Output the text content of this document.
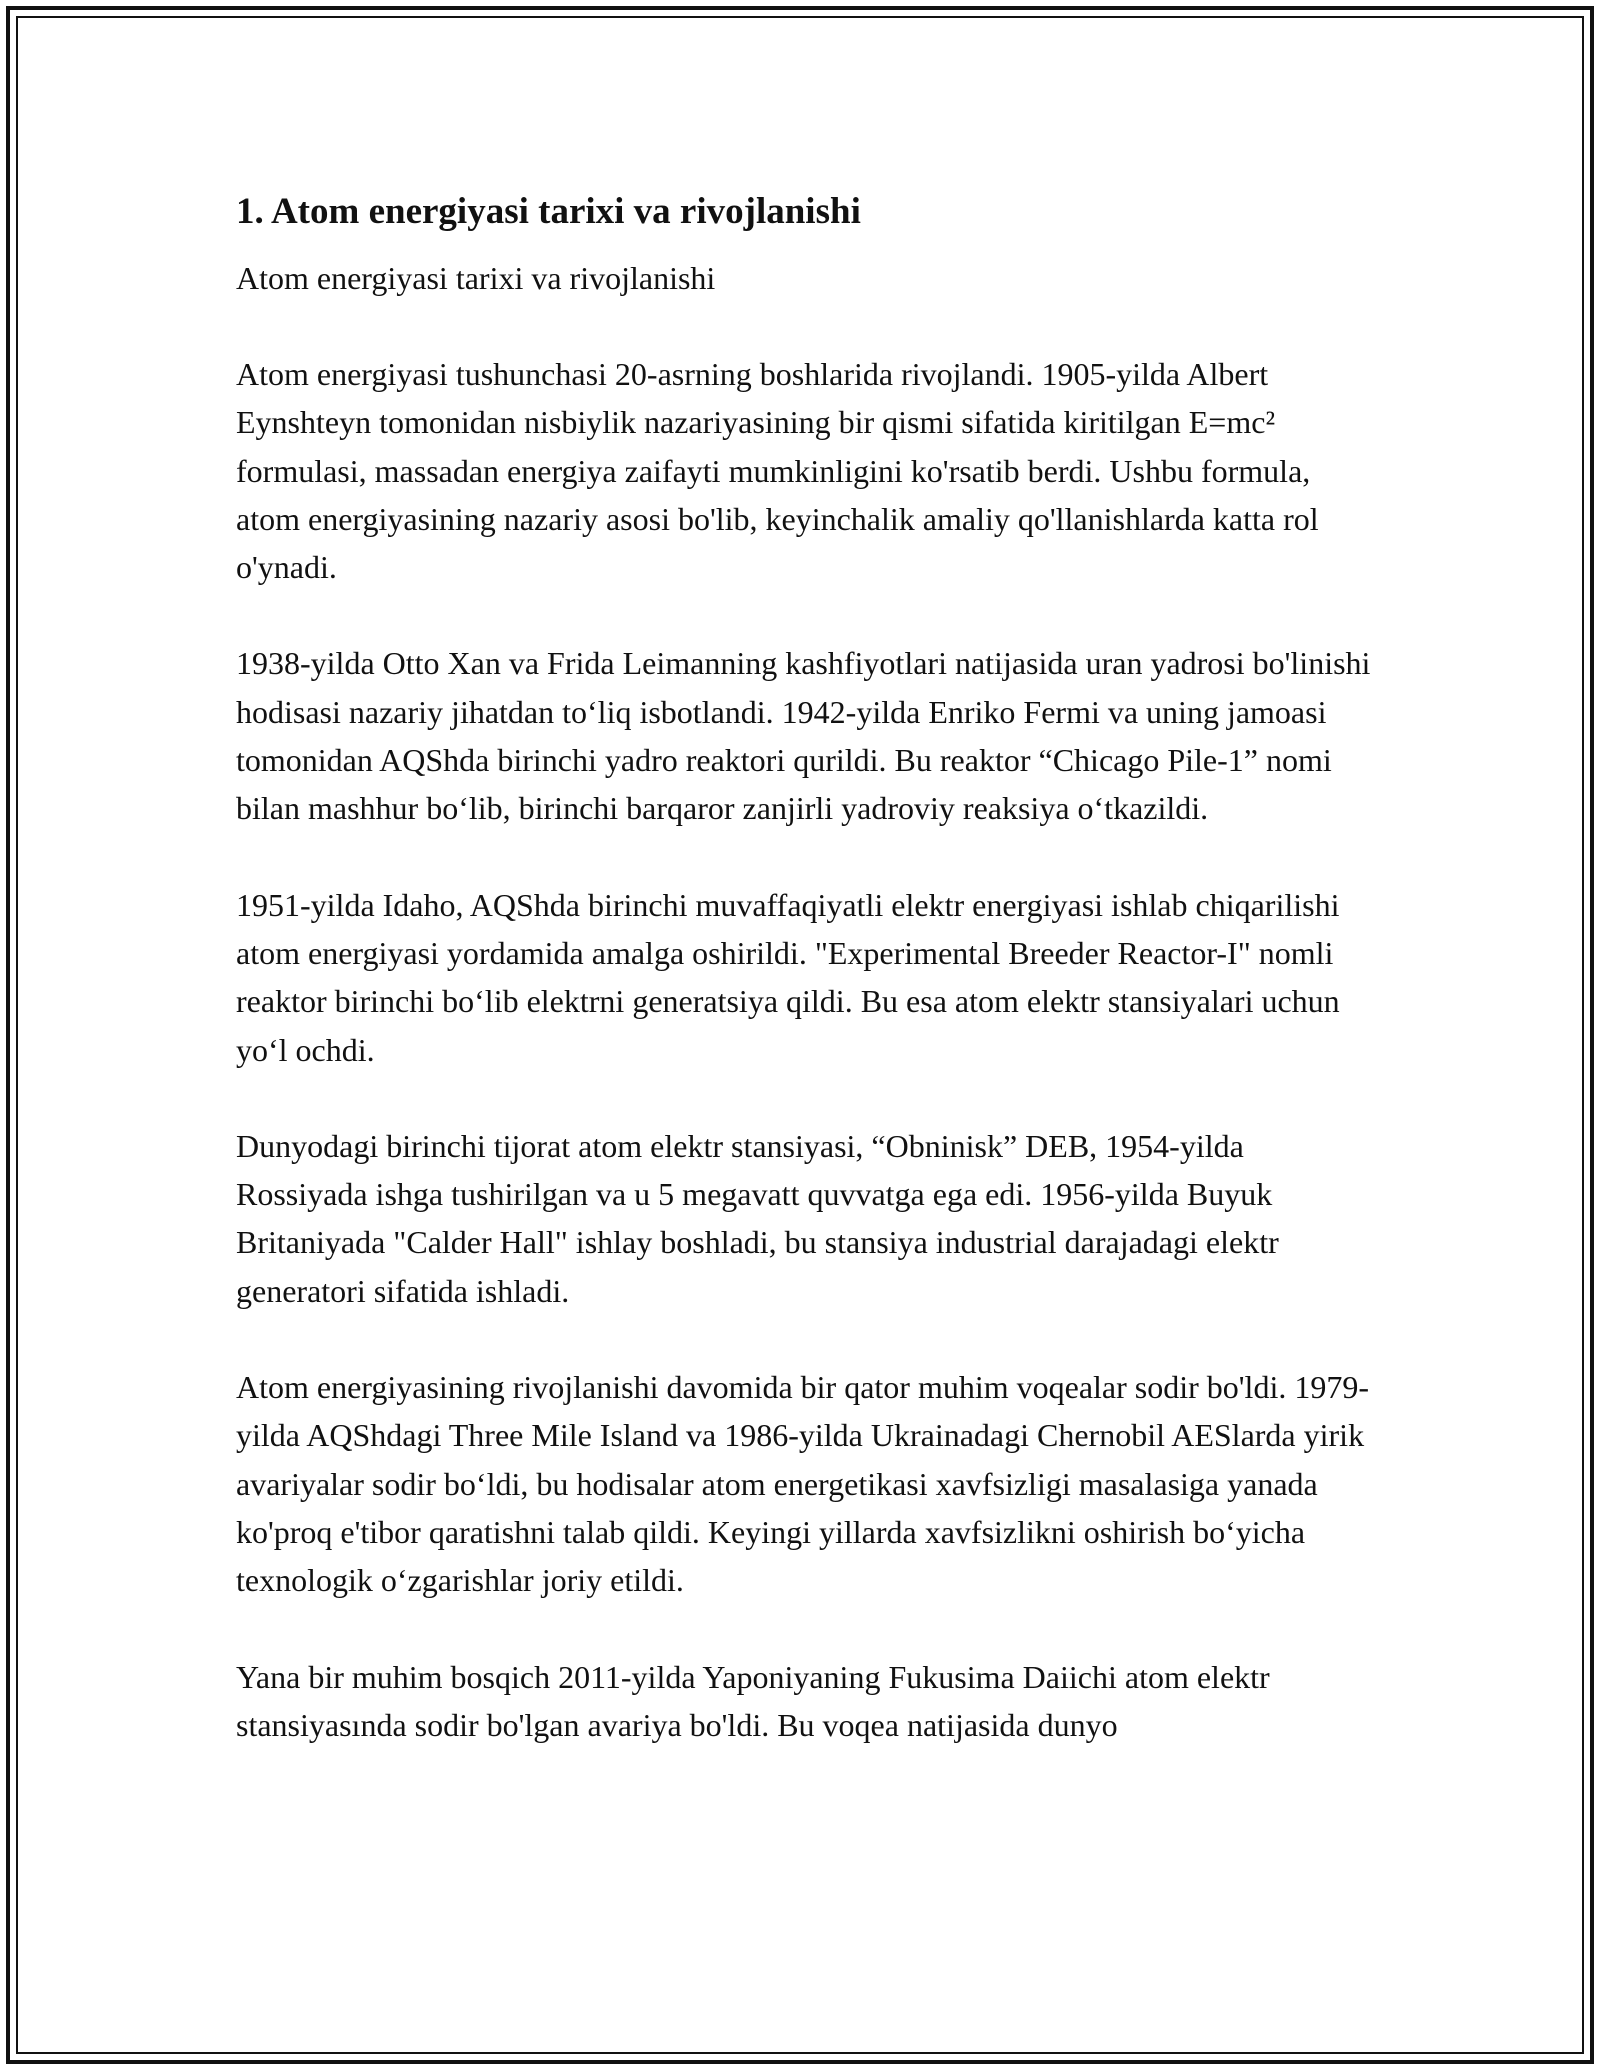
1. Atom energiyasi tarixi va rivojlanishi

Atom energiyasi tarixi va rivojlanishi

Atom energiyasi tushunchasi 20-asrning boshlarida rivojlandi. 1905-yilda Albert Eynshteyn tomonidan nisbiylik nazariyasining bir qismi sifatida kiritilgan E=mc² formulasi, massadan energiya zaifayti mumkinligini ko'rsatib berdi. Ushbu formula, atom energiyasining nazariy asosi bo'lib, keyinchalik amaliy qo'llanishlarda katta rol o'ynadi.

1938-yilda Otto Xan va Frida Leimanning kashfiyotlari natijasida uran yadrosi bo'linishi hodisasi nazariy jihatdan to‘liq isbotlandi. 1942-yilda Enriko Fermi va uning jamoasi tomonidan AQShda birinchi yadro reaktori qurildi. Bu reaktor “Chicago Pile-1” nomi bilan mashhur bo‘lib, birinchi barqaror zanjirli yadroviy reaksiya o‘tkazildi.

1951-yilda Idaho, AQShda birinchi muvaffaqiyatli elektr energiyasi ishlab chiqarilishi atom energiyasi yordamida amalga oshirildi. "Experimental Breeder Reactor-I" nomli reaktor birinchi bo‘lib elektrni generatsiya qildi. Bu esa atom elektr stansiyalari uchun yo‘l ochdi.

Dunyodagi birinchi tijorat atom elektr stansiyasi, “Obninisk” DEB, 1954-yilda Rossiyada ishga tushirilgan va u 5 megavatt quvvatga ega edi. 1956-yilda Buyuk Britaniyada "Calder Hall" ishlay boshladi, bu stansiya industrial darajadagi elektr generatori sifatida ishladi.

Atom energiyasining rivojlanishi davomida bir qator muhim voqealar sodir bo'ldi. 1979-yilda AQShdagi Three Mile Island va 1986-yilda Ukrainadagi Chernobil AESlarda yirik avariyalar sodir bo‘ldi, bu hodisalar atom energetikasi xavfsizligi masalasiga yanada ko'proq e'tibor qaratishni talab qildi. Keyingi yillarda xavfsizlikni oshirish bo‘yicha texnologik o‘zgarishlar joriy etildi.

Yana bir muhim bosqich 2011-yilda Yaponiyaning Fukusima Daiichi atom elektr stansiyasında sodir bo'lgan avariya bo'ldi. Bu voqea natijasida dunyo
